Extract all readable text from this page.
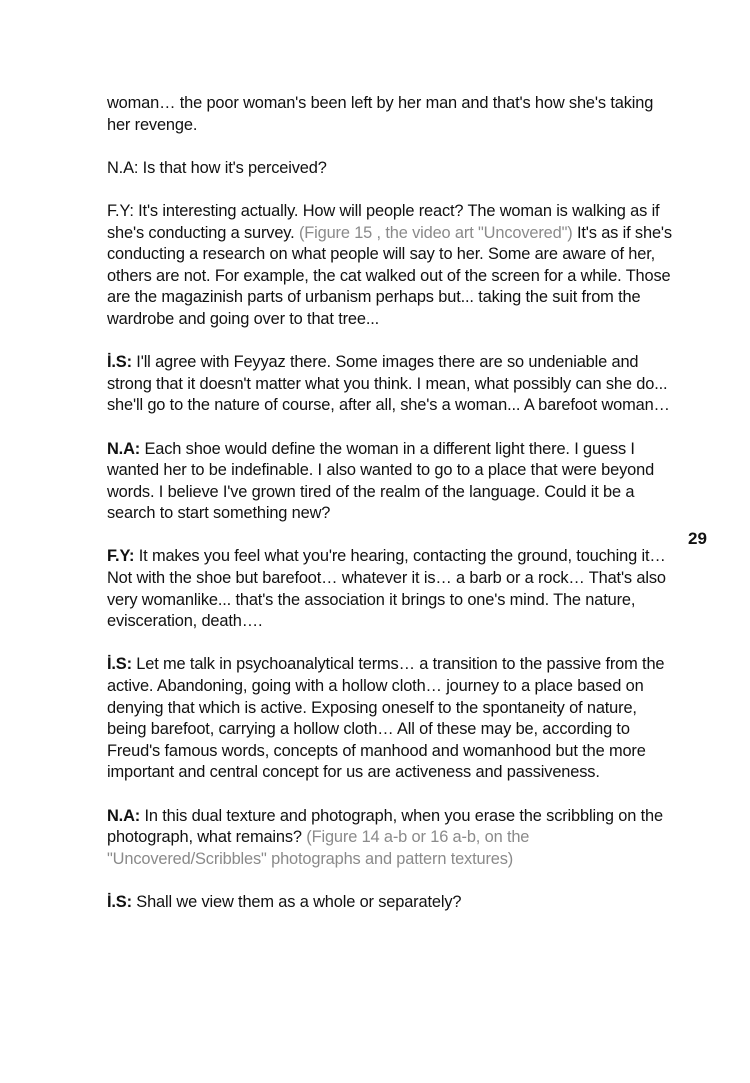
woman… the poor woman's been left by her man and that's how she's taking her revenge.

N.A: Is that how it's perceived?

F.Y: It's interesting actually. How will people react? The woman is walking as if she's conducting a survey. (Figure 15 , the video art "Uncovered") It's as if she's conducting a research on what people will say to her. Some are aware of her, others are not. For example, the cat walked out of the screen for a while. Those are the magazinish parts of urbanism perhaps but... taking the suit from the wardrobe and going over to that tree...

İ.S: I'll agree with Feyyaz there. Some images there are so undeniable and strong that it doesn't matter what you think. I mean, what possibly can she do... she'll go to the nature of course, after all, she's a woman... A barefoot woman…

N.A: Each shoe would define the woman in a different light there. I guess I wanted her to be indefinable. I also wanted to go to a place that were beyond words. I believe I've grown tired of the realm of the language. Could it be a search to start something new?

F.Y: It makes you feel what you're hearing, contacting the ground, touching it… Not with the shoe but barefoot… whatever it is… a barb or a rock… That's also very womanlike... that's the association it brings to one's mind. The nature, evisceration, death….

İ.S: Let me talk in psychoanalytical terms… a transition to the passive from the active. Abandoning, going with a hollow cloth… journey to a place based on denying that which is active. Exposing oneself to the spontaneity of nature, being barefoot, carrying a hollow cloth… All of these may be, according to Freud's famous words, concepts of manhood and womanhood but the more important and central concept for us are activeness and passiveness.

N.A: In this dual texture and photograph, when you erase the scribbling on the photograph, what remains? (Figure 14 a-b or 16 a-b, on the "Uncovered/Scribbles" photographs and pattern textures)

İ.S: Shall we view them as a whole or separately?

29
